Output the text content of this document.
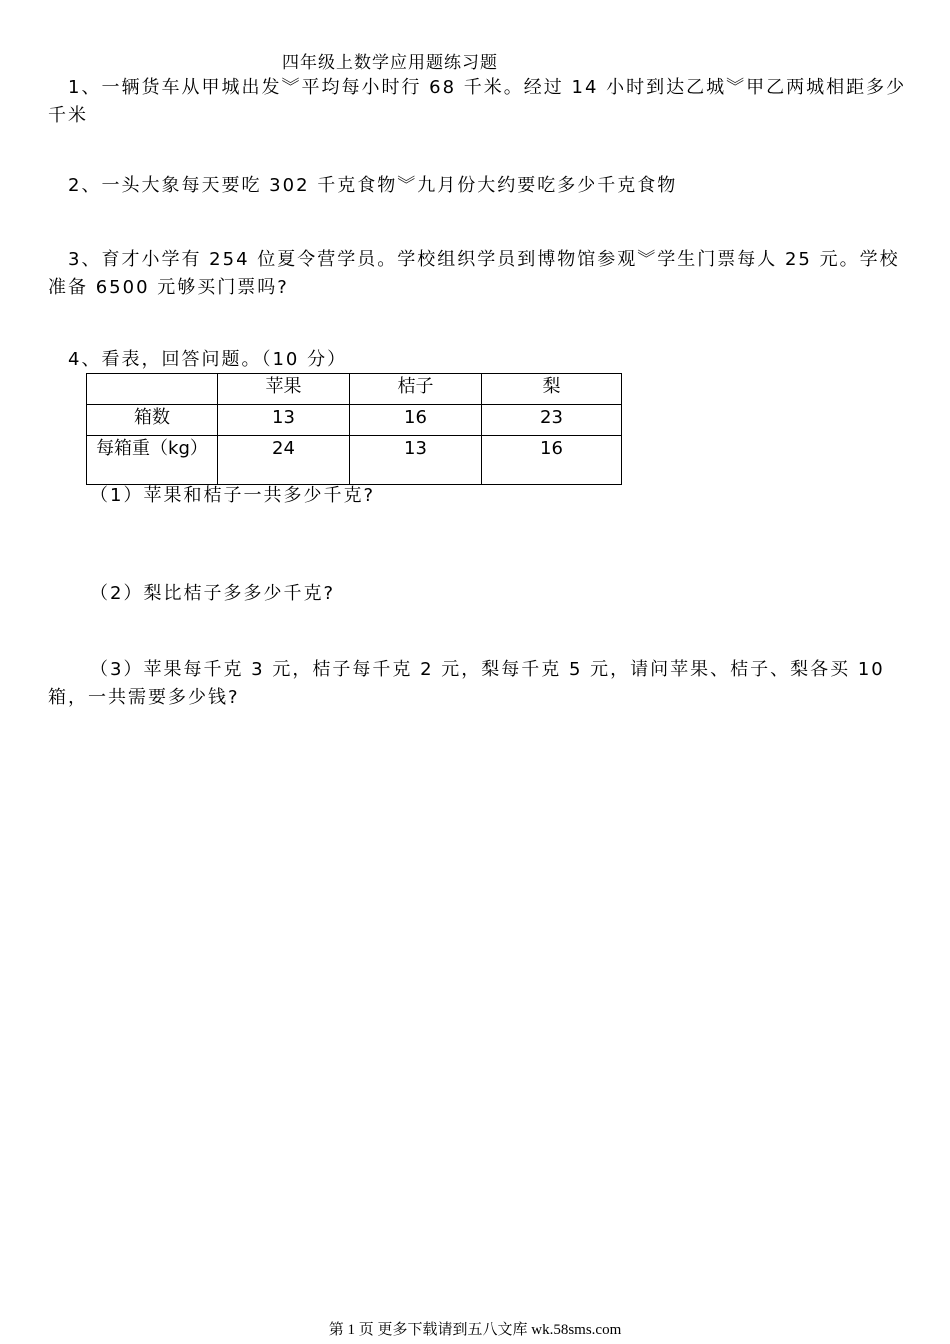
四年级上数学应用题练习题
1、一辆货车从甲城出发︾平均每小时行 68 千米。经过 14 小时到达乙城︾甲乙两城相距多少千米
2、一头大象每天要吃 302 千克食物︾九月份大约要吃多少千克食物
3、育才小学有 254 位夏令营学员。学校组织学员到博物馆参观︾学生门票每人 25 元。学校准备 6500 元够买门票吗?
4、看表，回答问题。（10 分）
	苹果	桔子	梨
箱数	13	16	23
每箱重（kg）	24	13	16
（1）苹果和桔子一共多少千克?
（2）梨比桔子多多少千克?
（3）苹果每千克 3 元，桔子每千克 2 元，梨每千克 5 元，请问苹果、桔子、梨各买 10 箱，一共需要多少钱?
第 1 页 更多下载请到五八文库 wk.58sms.com
